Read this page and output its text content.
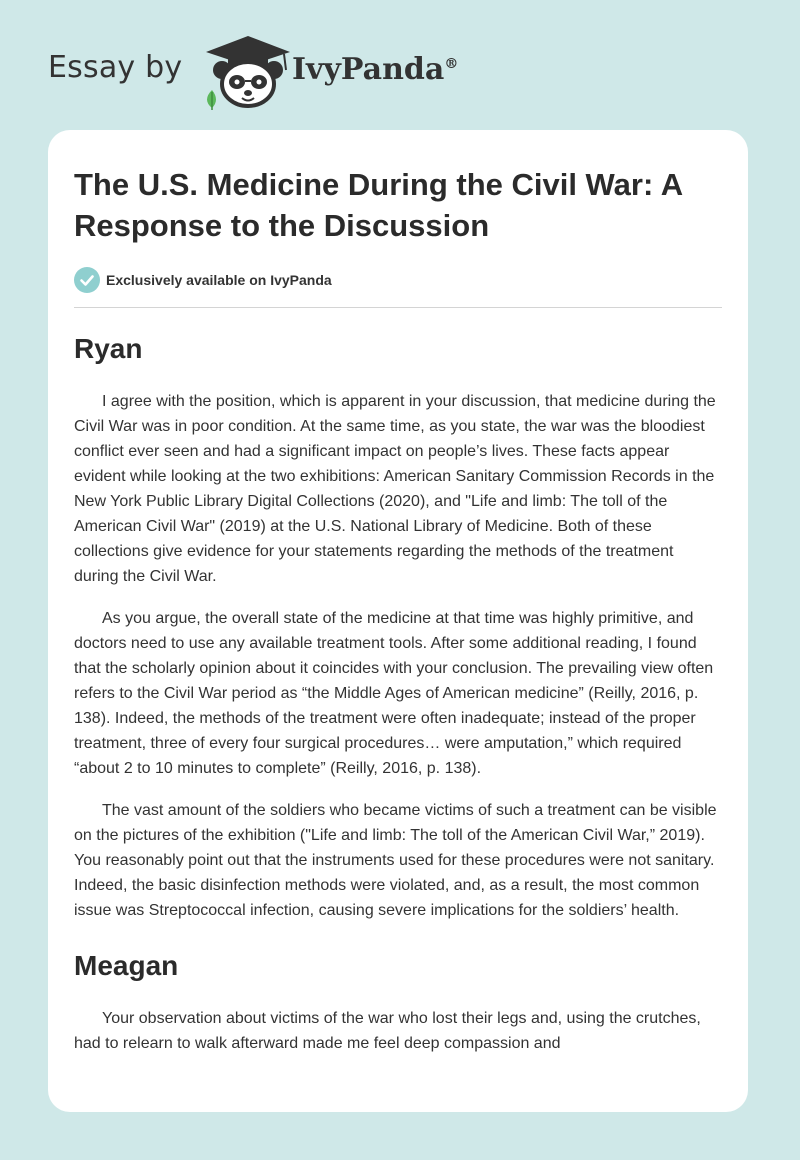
Essay by	IvyPanda®
The U.S. Medicine During the Civil War: A Response to the Discussion
Exclusively available on IvyPanda
Ryan

I agree with the position, which is apparent in your discussion, that medicine during the Civil War was in poor condition. At the same time, as you state, the war was the bloodiest conflict ever seen and had a significant impact on people’s lives. These facts appear evident while looking at the two exhibitions: American Sanitary Commission Records in the New York Public Library Digital Collections (2020), and "Life and limb: The toll of the American Civil War" (2019) at the U.S. National Library of Medicine. Both of these collections give evidence for your statements regarding the methods of the treatment during the Civil War.

As you argue, the overall state of the medicine at that time was highly primitive, and doctors need to use any available treatment tools. After some additional reading, I found that the scholarly opinion about it coincides with your conclusion. The prevailing view often refers to the Civil War period as “the Middle Ages of American medicine” (Reilly, 2016, p. 138). Indeed, the methods of the treatment were often inadequate; instead of the proper treatment, three of every four surgical procedures… were amputation,” which required “about 2 to 10 minutes to complete” (Reilly, 2016, p. 138).

The vast amount of the soldiers who became victims of such a treatment can be visible on the pictures of the exhibition ("Life and limb: The toll of the American Civil War,” 2019). You reasonably point out that the instruments used for these procedures were not sanitary. Indeed, the basic disinfection methods were violated, and, as a result, the most common issue was Streptococcal infection, causing severe implications for the soldiers’ health.

Meagan

Your observation about victims of the war who lost their legs and, using the crutches, had to relearn to walk afterward made me feel deep compassion and
